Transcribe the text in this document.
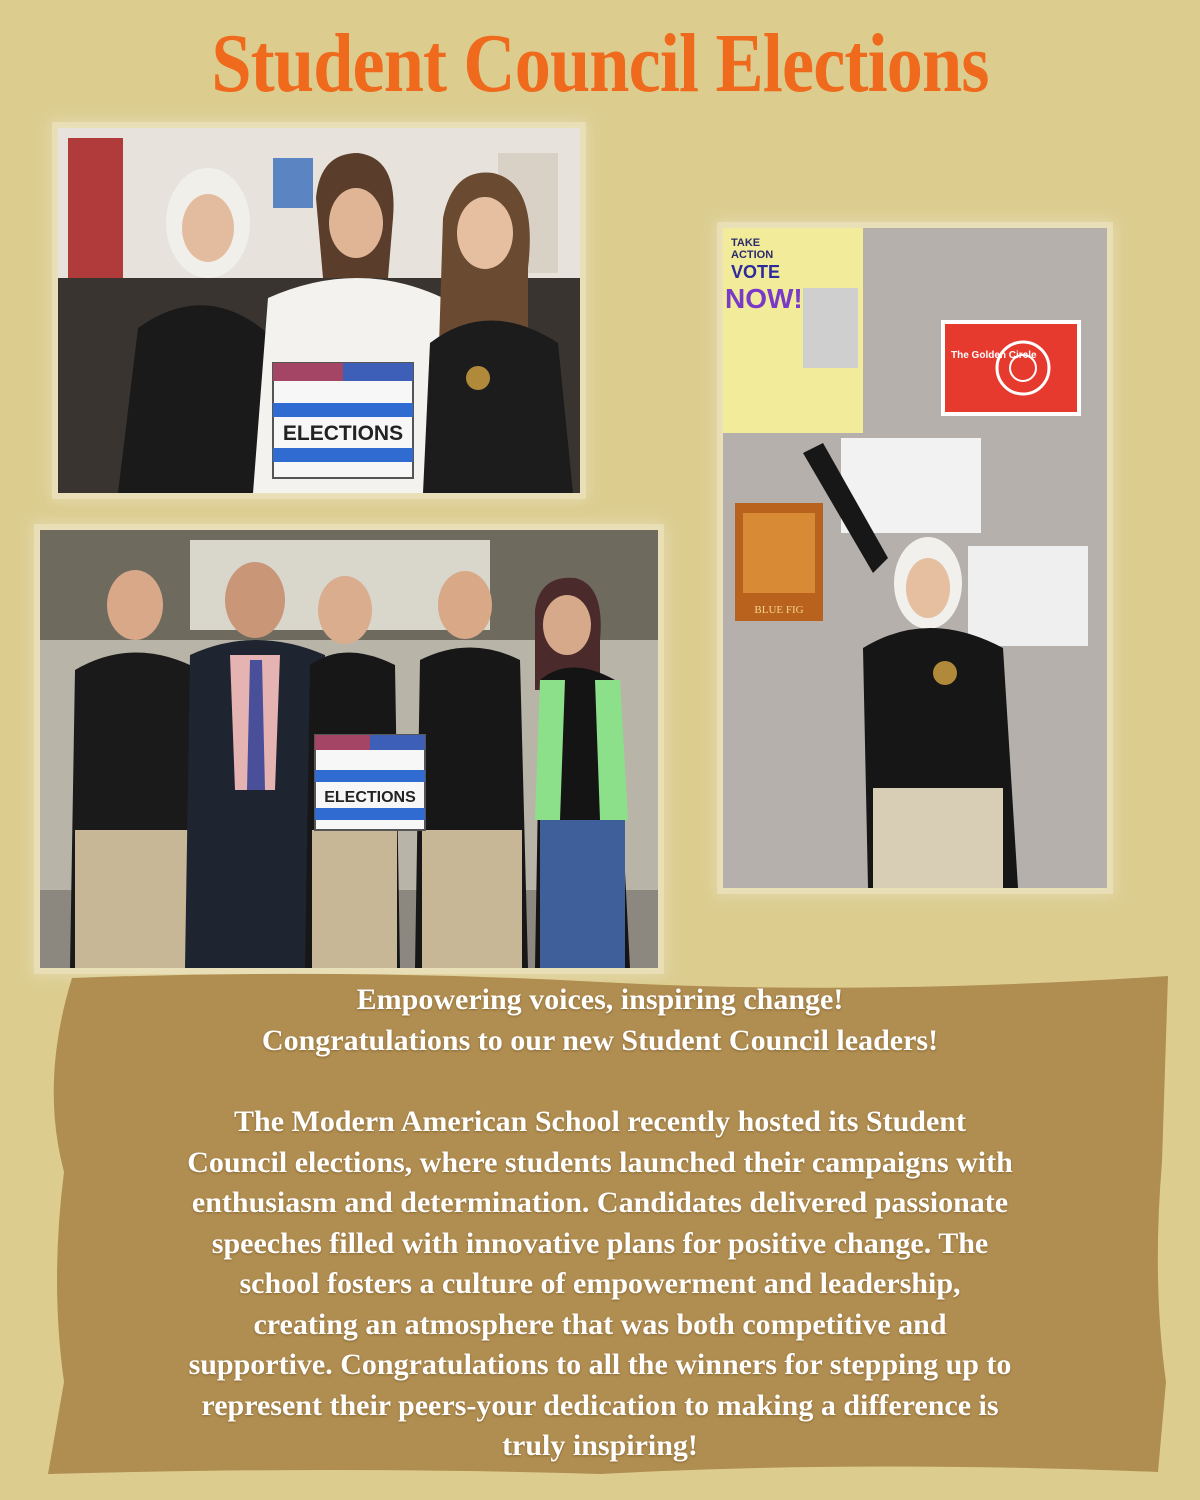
Student Council Elections
ELECTIONS
ELECTIONS
TAKE
ACTION
VOTE
NOW!
The Golden Circle
BLUE FIG

Empowering voices, inspiring change!

Congratulations to our new Student Council leaders!

The Modern American School recently hosted its Student

Council elections, where students launched their campaigns with

enthusiasm and determination. Candidates delivered passionate

speeches filled with innovative plans for positive change. The

school fosters a culture of empowerment and leadership,

creating an atmosphere that was both competitive and

supportive. Congratulations to all the winners for stepping up to

represent their peers-your dedication to making a difference is

truly inspiring!
